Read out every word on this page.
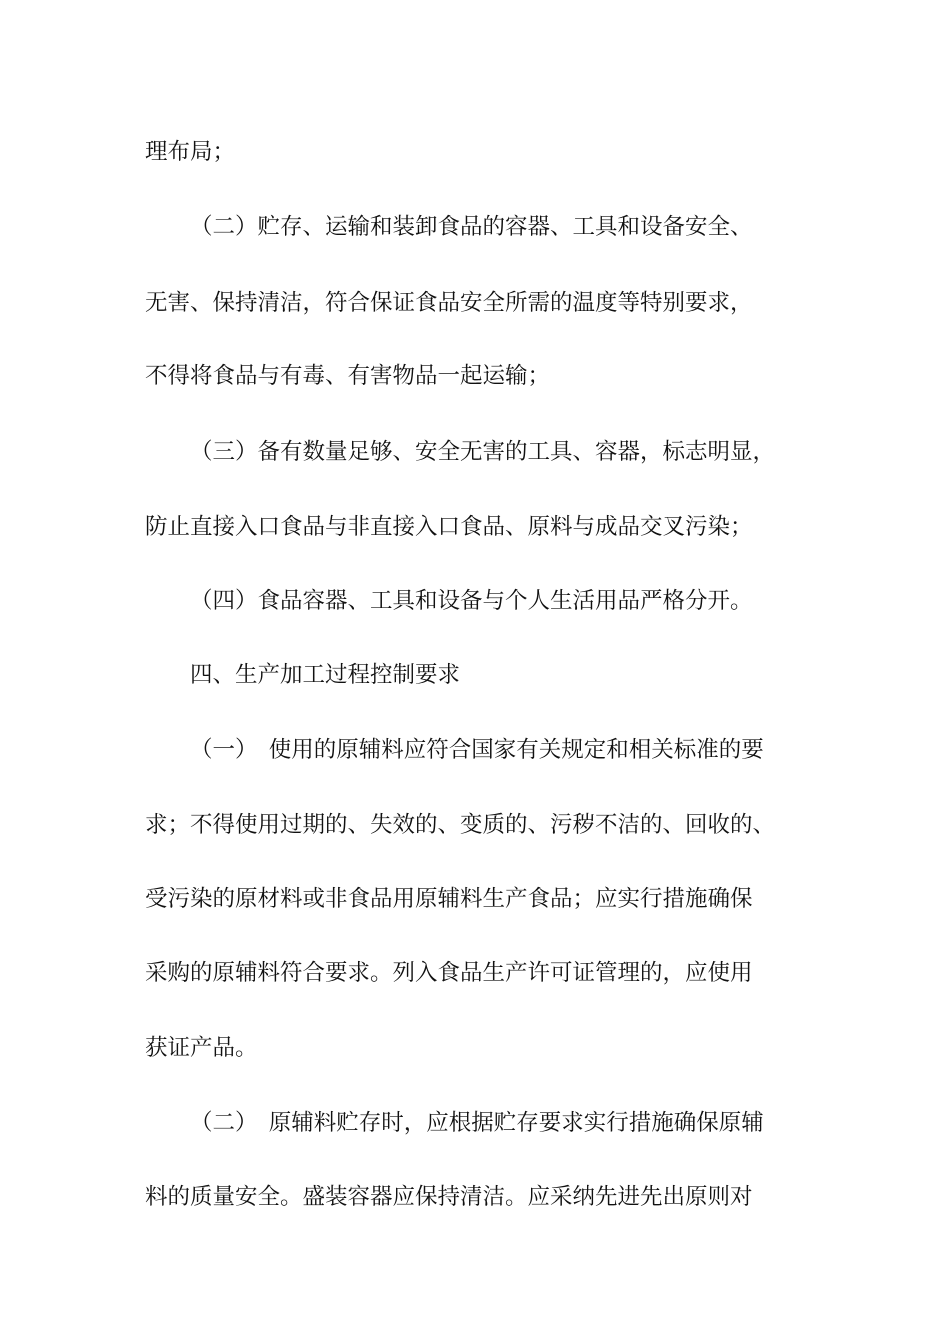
理布局；
（二）贮存、运输和装卸食品的容器、工具和设备安全、
无害、保持清洁，符合保证食品安全所需的温度等特别要求，
不得将食品与有毒、有害物品一起运输；
（三）备有数量足够、安全无害的工具、容器，标志明显，
防止直接入口食品与非直接入口食品、原料与成品交叉污染；
（四）食品容器、工具和设备与个人生活用品严格分开。
四、生产加工过程控制要求
（一）　使用的原辅料应符合国家有关规定和相关标准的要
求；不得使用过期的、失效的、变质的、污秽不洁的、回收的、
受污染的原材料或非食品用原辅料生产食品；应实行措施确保
采购的原辅料符合要求。列入食品生产许可证管理的，应使用
获证产品。
（二）　原辅料贮存时，应根据贮存要求实行措施确保原辅
料的质量安全。盛装容器应保持清洁。应采纳先进先出原则对
